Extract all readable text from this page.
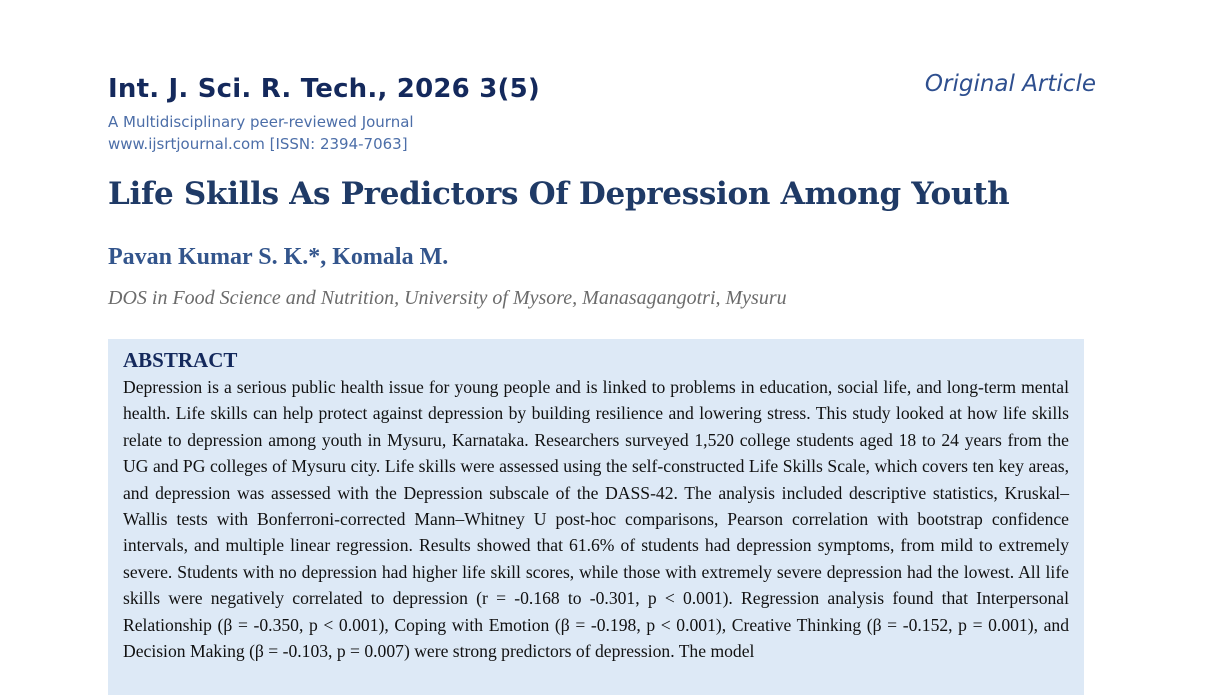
Int. J. Sci. R. Tech., 2026 3(5)	Original Article
A Multidisciplinary peer-reviewed Journal
www.ijsrtjournal.com [ISSN: 2394-7063]
Life Skills As Predictors Of Depression Among Youth
Pavan Kumar S. K.*, Komala M.
DOS in Food Science and Nutrition, University of Mysore, Manasagangotri, Mysuru
ABSTRACT

Depression is a serious public health issue for young people and is linked to problems in education, social life, and long-term mental health. Life skills can help protect against depression by building resilience and lowering stress. This study looked at how life skills relate to depression among youth in Mysuru, Karnataka. Researchers surveyed 1,520 college students aged 18 to 24 years from the UG and PG colleges of Mysuru city. Life skills were assessed using the self-constructed Life Skills Scale, which covers ten key areas, and depression was assessed with the Depression subscale of the DASS-42. The analysis included descriptive statistics, Kruskal–Wallis tests with Bonferroni-corrected Mann–Whitney U post-hoc comparisons, Pearson correlation with bootstrap confidence intervals, and multiple linear regression. Results showed that 61.6% of students had depression symptoms, from mild to extremely severe. Students with no depression had higher life skill scores, while those with extremely severe depression had the lowest. All life skills were negatively correlated to depression (r = -0.168 to -0.301, p < 0.001). Regression analysis found that Interpersonal Relationship (β = -0.350, p < 0.001), Coping with Emotion (β = -0.198, p < 0.001), Creative Thinking (β = -0.152, p = 0.001), and Decision Making (β = -0.103, p = 0.007) were strong predictors of depression. The model
